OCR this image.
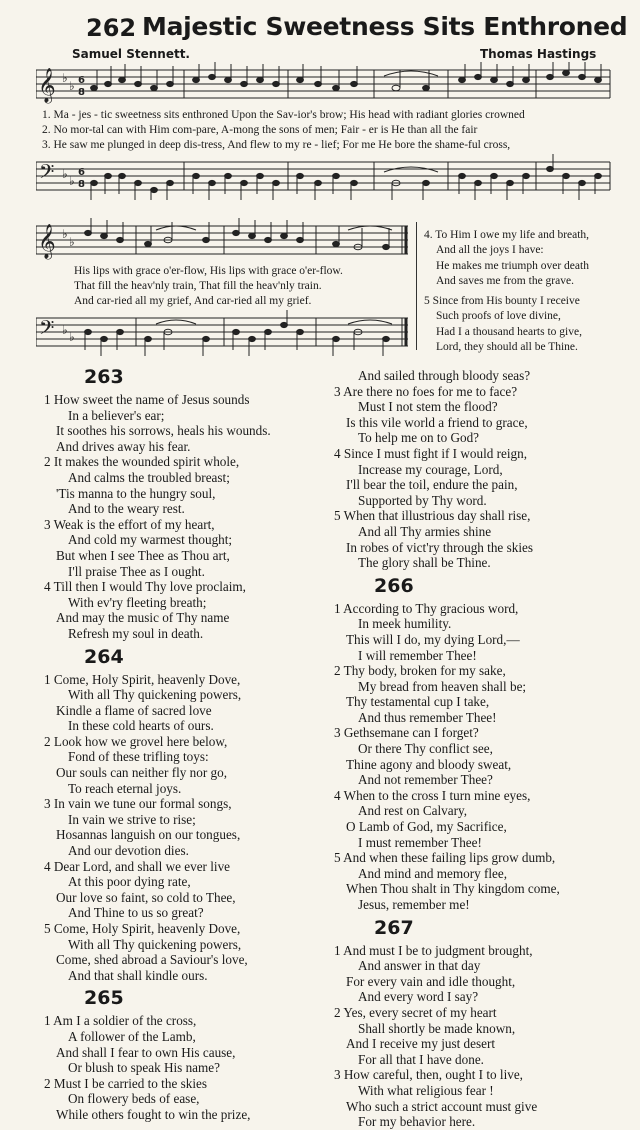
262 Majestic Sweetness Sits Enthroned
Samuel Stennett.	Thomas Hastings
𝄞 ♭
♭ 6
8
1. Ma - jes - tic sweetness sits enthroned Upon the Sav-ior's brow; His head with radiant glories crowned
2. No mor-tal can with Him com-pare, A-mong the sons of men; Fair - er is He than all the fair
3. He saw me plunged in deep dis-tress, And flew to my re - lief; For me He bore the shame-ful cross,
𝄢 ♭ ♭
6
8
𝄞 ♭
♭
His lips with grace o'er-flow, His lips with grace o'er-flow.
That fill the heav'nly train, That fill the heav'nly train.
And car-ried all my grief, And car-ried all my grief.
𝄢 ♭ ♭
4. To Him I owe my life and breath,
And all the joys I have:
He makes me triumph over death
And saves me from the grave.
5 Since from His bounty I receive
Such proofs of love divine,
Had I a thousand hearts to give,
Lord, they should all be Thine.
263
1 How sweet the name of Jesus sounds
In a believer's ear;
It soothes his sorrows, heals his wounds.
And drives away his fear.
2 It makes the wounded spirit whole,
And calms the troubled breast;
'Tis manna to the hungry soul,
And to the weary rest.
3 Weak is the effort of my heart,
And cold my warmest thought;
But when I see Thee as Thou art,
I'll praise Thee as I ought.
4 Till then I would Thy love proclaim,
With ev'ry fleeting breath;
And may the music of Thy name
Refresh my soul in death.
264
1 Come, Holy Spirit, heavenly Dove,
With all Thy quickening powers,
Kindle a flame of sacred love
In these cold hearts of ours.
2 Look how we grovel here below,
Fond of these trifling toys:
Our souls can neither fly nor go,
To reach eternal joys.
3 In vain we tune our formal songs,
In vain we strive to rise;
Hosannas languish on our tongues,
And our devotion dies.
4 Dear Lord, and shall we ever live
At this poor dying rate,
Our love so faint, so cold to Thee,
And Thine to us so great?
5 Come, Holy Spirit, heavenly Dove,
With all Thy quickening powers,
Come, shed abroad a Saviour's love,
And that shall kindle ours.
265
1 Am I a soldier of the cross,
A follower of the Lamb,
And shall I fear to own His cause,
Or blush to speak His name?
2 Must I be carried to the skies
On flowery beds of ease,
While others fought to win the prize,
And sailed through bloody seas?
3 Are there no foes for me to face?
Must I not stem the flood?
Is this vile world a friend to grace,
To help me on to God?
4 Since I must fight if I would reign,
Increase my courage, Lord,
I'll bear the toil, endure the pain,
Supported by Thy word.
5 When that illustrious day shall rise,
And all Thy armies shine
In robes of vict'ry through the skies
The glory shall be Thine.
266
1 According to Thy gracious word,
In meek humility.
This will I do, my dying Lord,—
I will remember Thee!
2 Thy body, broken for my sake,
My bread from heaven shall be;
Thy testamental cup I take,
And thus remember Thee!
3 Gethsemane can I forget?
Or there Thy conflict see,
Thine agony and bloody sweat,
And not remember Thee?
4 When to the cross I turn mine eyes,
And rest on Calvary,
O Lamb of God, my Sacrifice,
I must remember Thee!
5 And when these failing lips grow dumb,
And mind and memory flee,
When Thou shalt in Thy kingdom come,
Jesus, remember me!
267
1 And must I be to judgment brought,
And answer in that day
For every vain and idle thought,
And every word I say?
2 Yes, every secret of my heart
Shall shortly be made known,
And I receive my just desert
For all that I have done.
3 How careful, then, ought I to live,
With what religious fear !
Who such a strict account must give
For my behavior here.
